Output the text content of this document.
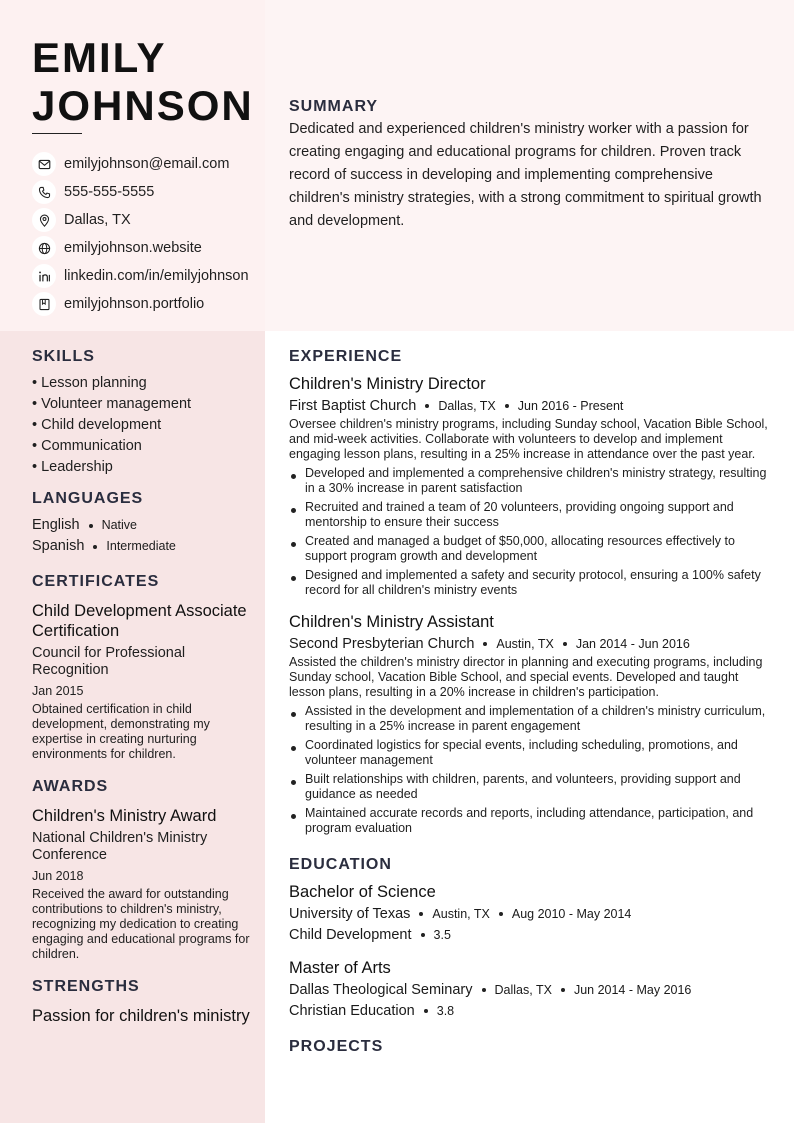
EMILY
JOHNSON
emilyjohnson@email.com
555-555-5555
Dallas, TX
emilyjohnson.website
linkedin.com/in/emilyjohnson
emilyjohnson.portfolio
SUMMARY
Dedicated and experienced children's ministry worker with a passion for creating engaging and educational programs for children. Proven track record of success in developing and implementing comprehensive children's ministry strategies, with a strong commitment to spiritual growth and development.
SKILLS
• Lesson planning
• Volunteer management
• Child development
• Communication
• Leadership
LANGUAGES
English Native
Spanish Intermediate
CERTIFICATES
Child Development Associate Certification
Council for Professional Recognition
Jan 2015
Obtained certification in child development, demonstrating my expertise in creating nurturing environments for children.
AWARDS
Children's Ministry Award
National Children's Ministry Conference
Jun 2018
Received the award for outstanding contributions to children's ministry, recognizing my dedication to creating engaging and educational programs for children.
STRENGTHS
Passion for children's ministry
EXPERIENCE
Children's Ministry Director
First Baptist Church Dallas, TX Jun 2016 - Present
Oversee children's ministry programs, including Sunday school, Vacation Bible School, and mid-week activities. Collaborate with volunteers to develop and implement engaging lesson plans, resulting in a 25% increase in attendance over the past year.
Developed and implemented a comprehensive children's ministry strategy, resulting in a 30% increase in parent satisfaction
Recruited and trained a team of 20 volunteers, providing ongoing support and mentorship to ensure their success
Created and managed a budget of $50,000, allocating resources effectively to support program growth and development
Designed and implemented a safety and security protocol, ensuring a 100% safety record for all children's ministry events
Children's Ministry Assistant
Second Presbyterian Church Austin, TX Jan 2014 - Jun 2016
Assisted the children's ministry director in planning and executing programs, including Sunday school, Vacation Bible School, and special events. Developed and taught lesson plans, resulting in a 20% increase in children's participation.
Assisted in the development and implementation of a children's ministry curriculum, resulting in a 25% increase in parent engagement
Coordinated logistics for special events, including scheduling, promotions, and volunteer management
Built relationships with children, parents, and volunteers, providing support and guidance as needed
Maintained accurate records and reports, including attendance, participation, and program evaluation
EDUCATION
Bachelor of Science
University of Texas Austin, TX Aug 2010 - May 2014
Child Development 3.5
Master of Arts
Dallas Theological Seminary Dallas, TX Jun 2014 - May 2016
Christian Education 3.8
PROJECTS
